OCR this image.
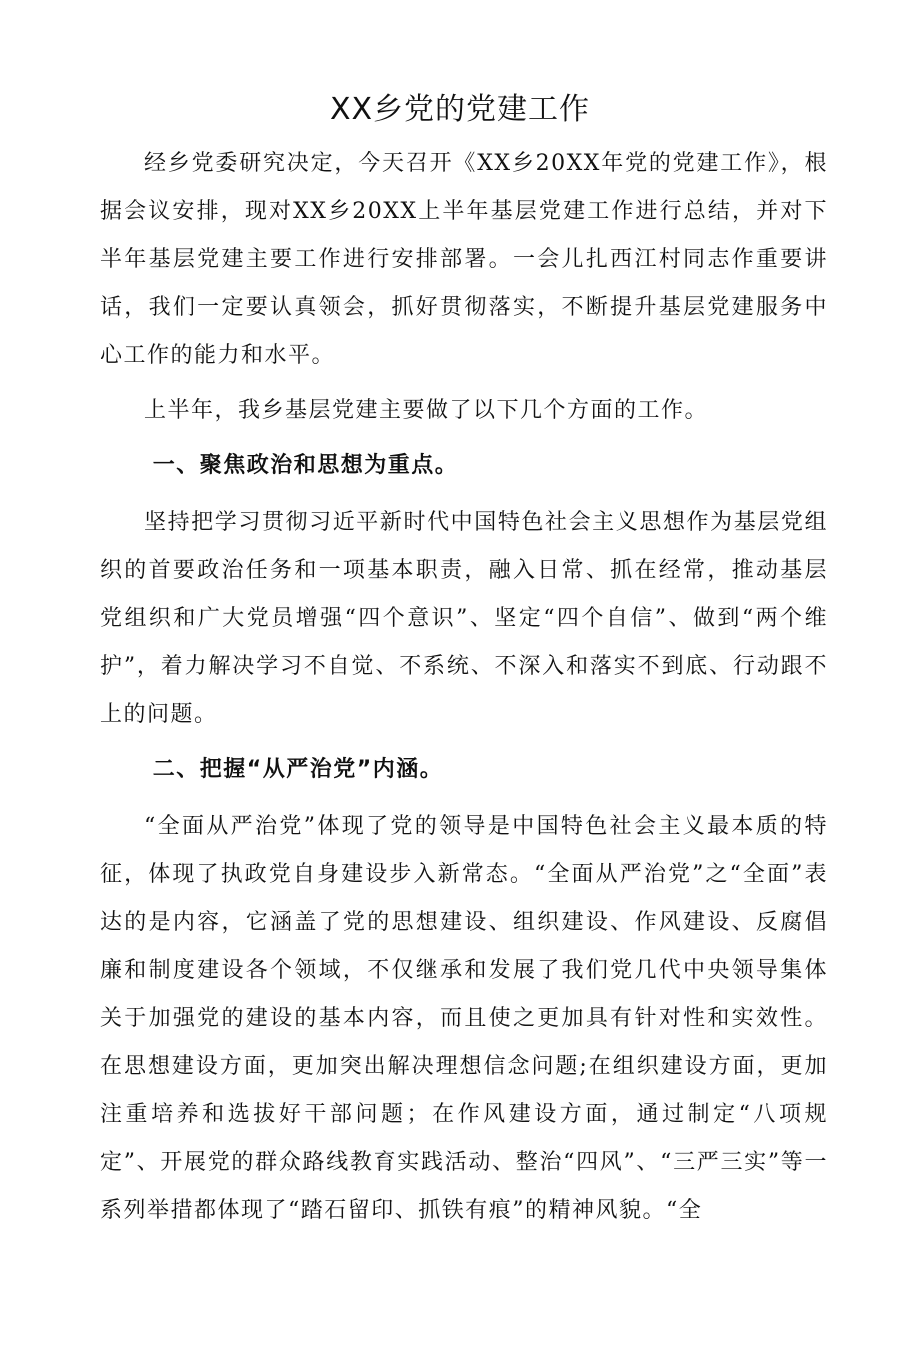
XX乡党的党建工作

经乡党委研究决定，今天召开《XX乡20XX年党的党建工作》，根据会议安排，现对XX乡20XX上半年基层党建工作进行总结，并对下半年基层党建主要工作进行安排部署。一会儿扎西江村同志作重要讲话，我们一定要认真领会，抓好贯彻落实，不断提升基层党建服务中心工作的能力和水平。

上半年，我乡基层党建主要做了以下几个方面的工作。

一、聚焦政治和思想为重点。

坚持把学习贯彻习近平新时代中国特色社会主义思想作为基层党组织的首要政治任务和一项基本职责，融入日常、抓在经常，推动基层党组织和广大党员增强“四个意识”、坚定“四个自信”、做到“两个维护”，着力解决学习不自觉、不系统、不深入和落实不到底、行动跟不上的问题。

二、把握“从严治党”内涵。

“全面从严治党”体现了党的领导是中国特色社会主义最本质的特征，体现了执政党自身建设步入新常态。“全面从严治党”之“全面”表达的是内容，它涵盖了党的思想建设、组织建设、作风建设、反腐倡廉和制度建设各个领域，不仅继承和发展了我们党几代中央领导集体关于加强党的建设的基本内容，而且使之更加具有针对性和实效性。在思想建设方面，更加突出解决理想信念问题;在组织建设方面，更加注重培养和选拔好干部问题；在作风建设方面，通过制定“八项规定”、开展党的群众路线教育实践活动、整治“四风”、“三严三实”等一系列举措都体现了“踏石留印、抓铁有痕”的精神风貌。“全
